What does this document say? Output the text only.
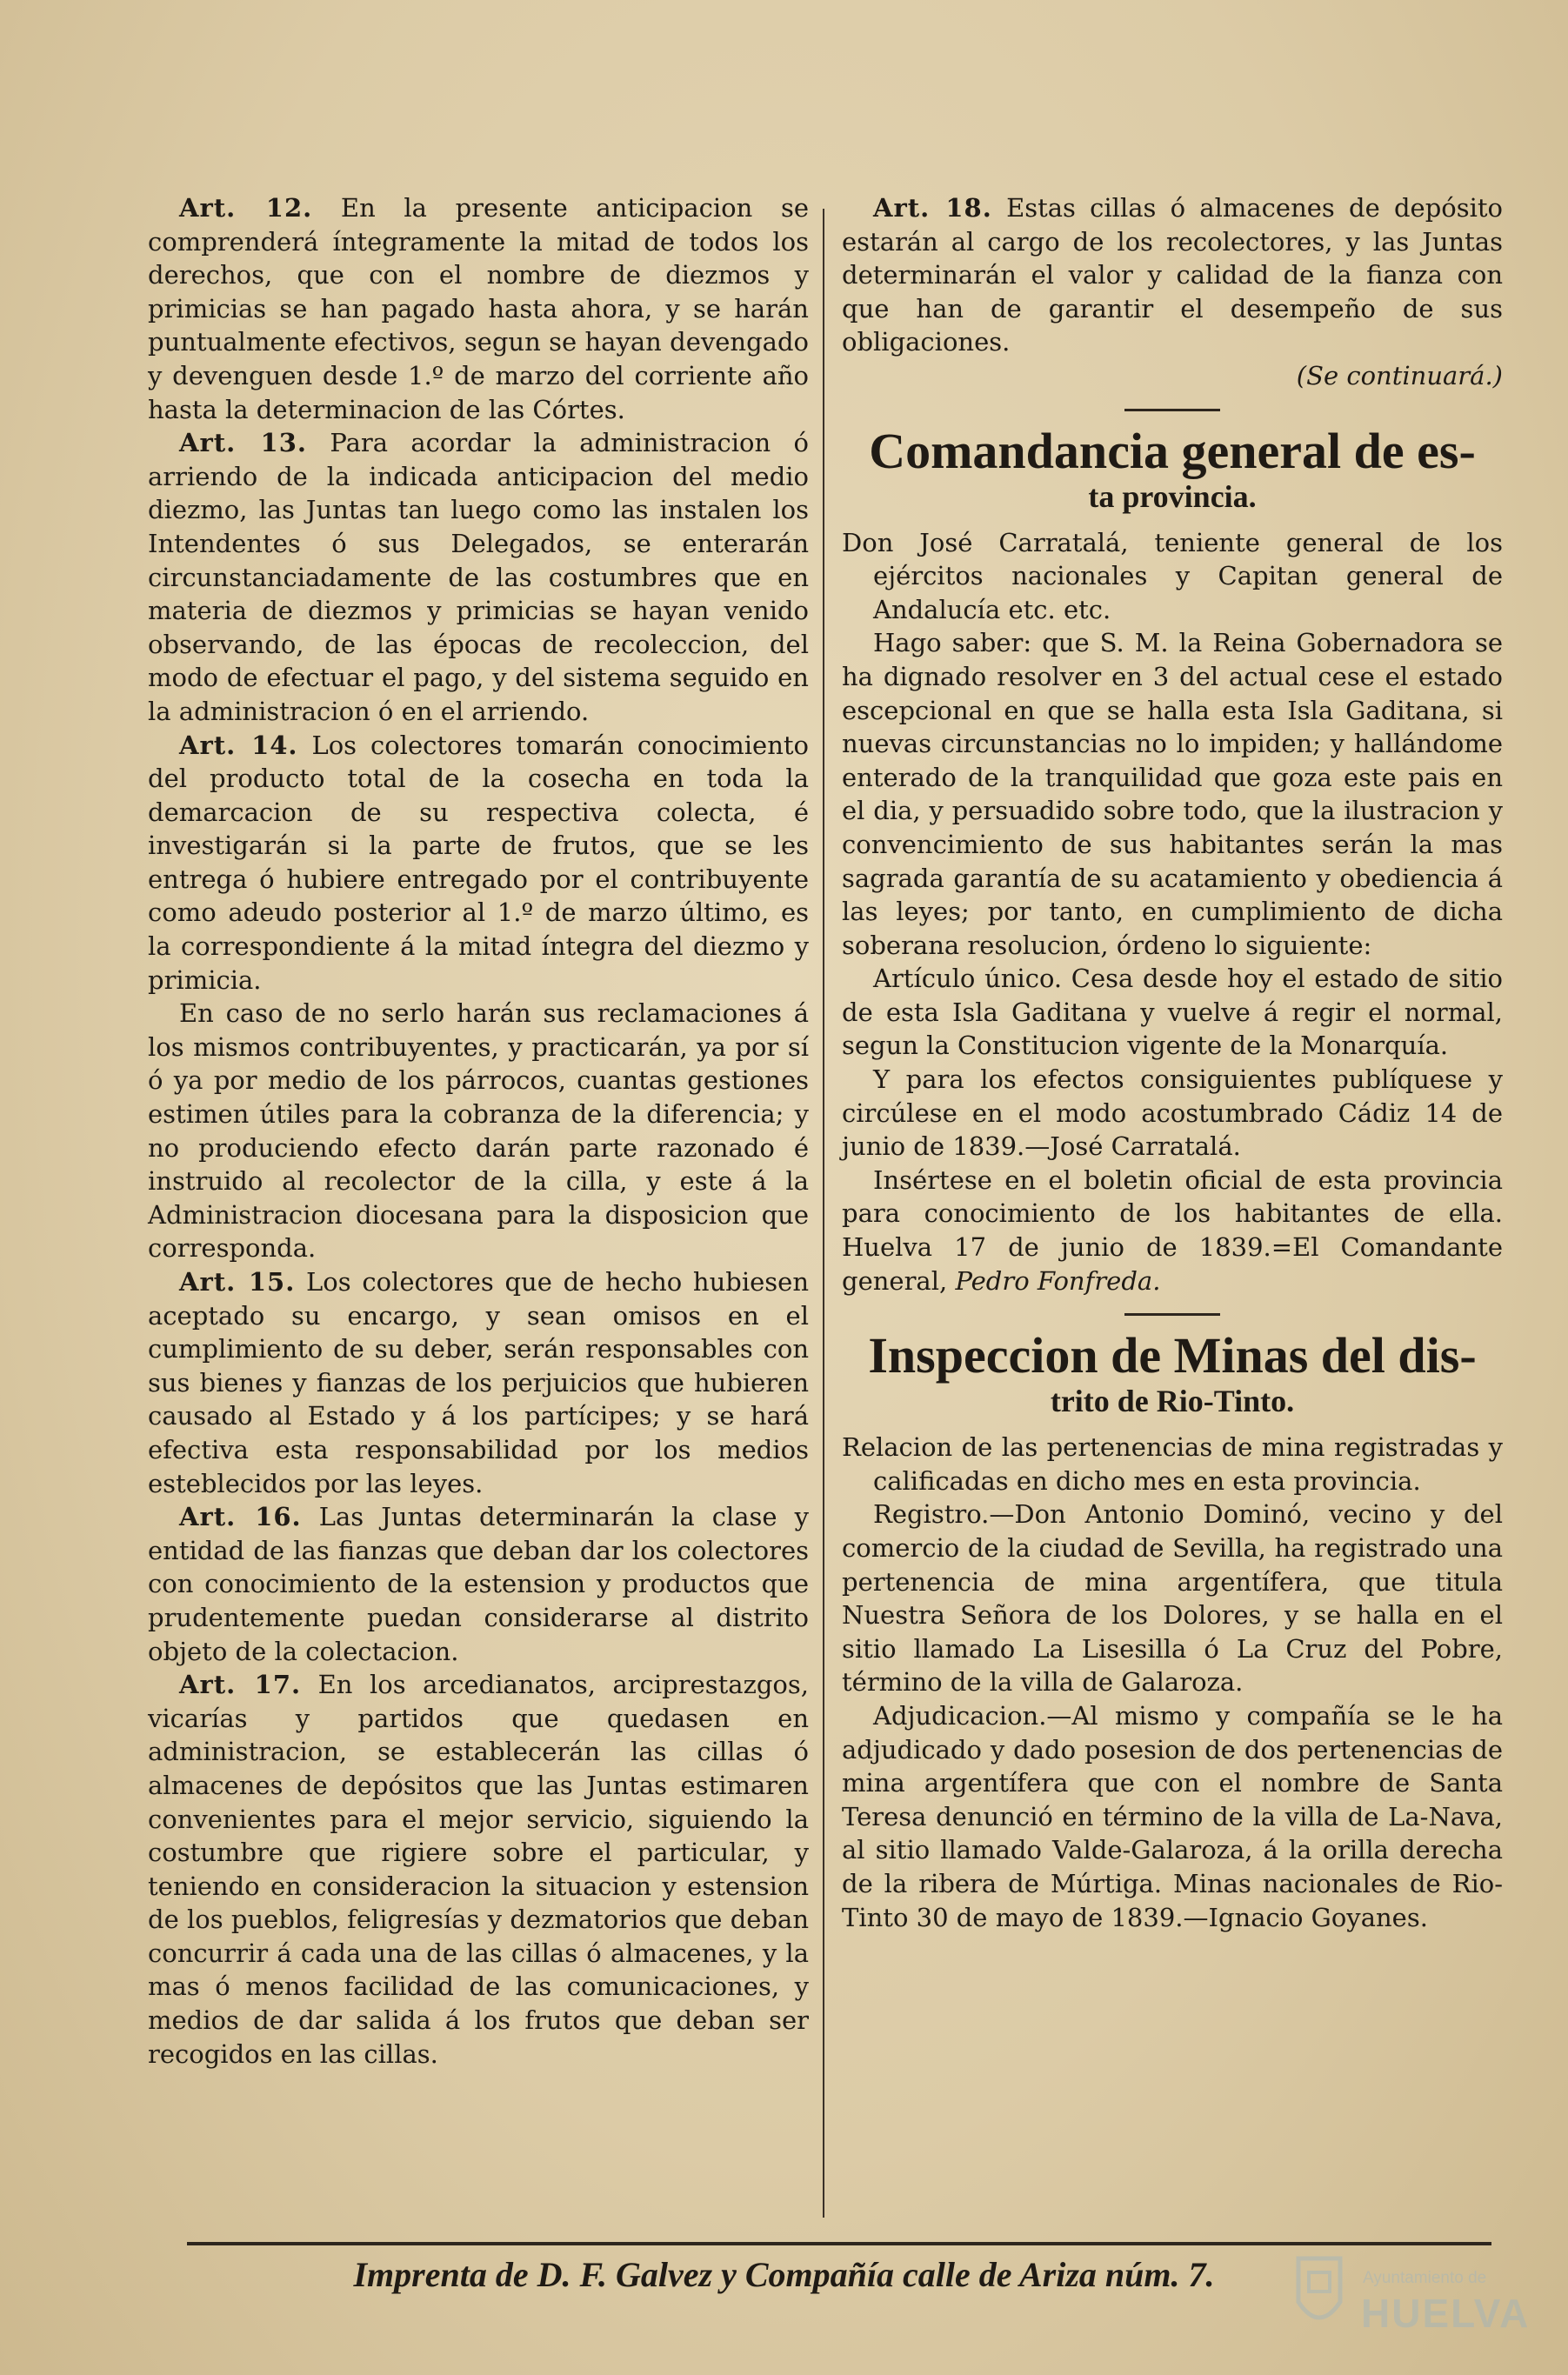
Art. 12. En la presente anticipacion se comprenderá íntegramente la mitad de todos los derechos, que con el nombre de diezmos y primicias se han pagado hasta ahora, y se harán puntualmente efectivos, segun se hayan devengado y devenguen desde 1.º de marzo del corriente año hasta la determinacion de las Córtes.

Art. 13. Para acordar la administracion ó arriendo de la indicada anticipacion del medio diezmo, las Juntas tan luego como las instalen los Intendentes ó sus Delegados, se enterarán circunstanciadamente de las costumbres que en materia de diezmos y primicias se hayan venido observando, de las épocas de recoleccion, del modo de efectuar el pago, y del sistema seguido en la administracion ó en el arriendo.

Art. 14. Los colectores tomarán conocimiento del producto total de la cosecha en toda la demarcacion de su respectiva colecta, é investigarán si la parte de frutos, que se les entrega ó hubiere entregado por el contribuyente como adeudo posterior al 1.º de marzo último, es la correspondiente á la mitad íntegra del diezmo y primicia.

En caso de no serlo harán sus reclamaciones á los mismos contribuyentes, y practicarán, ya por sí ó ya por medio de los párrocos, cuantas gestiones estimen útiles para la cobranza de la diferencia; y no produciendo efecto darán parte razonado é instruido al recolector de la cilla, y este á la Administracion diocesana para la disposicion que corresponda.

Art. 15. Los colectores que de hecho hubiesen aceptado su encargo, y sean omisos en el cumplimiento de su deber, serán responsables con sus bienes y fianzas de los perjuicios que hubieren causado al Estado y á los partícipes; y se hará efectiva esta responsabilidad por los medios esteblecidos por las leyes.

Art. 16. Las Juntas determinarán la clase y entidad de las fianzas que deban dar los colectores con conocimiento de la estension y productos que prudentemente puedan considerarse al distrito objeto de la colectacion.

Art. 17. En los arcedianatos, arciprestazgos, vicarías y partidos que quedasen en administracion, se establecerán las cillas ó almacenes de depósitos que las Juntas estimaren convenientes para el mejor servicio, siguiendo la costumbre que rigiere sobre el particular, y teniendo en consideracion la situacion y estension de los pueblos, feligresías y dezmatorios que deban concurrir á cada una de las cillas ó almacenes, y la mas ó menos facilidad de las comunicaciones, y medios de dar salida á los frutos que deban ser recogidos en las cillas.

Art. 18. Estas cillas ó almacenes de depósito estarán al cargo de los recolectores, y las Juntas determinarán el valor y calidad de la fianza con que han de garantir el desempeño de sus obligaciones.

(Se continuará.)

Comandancia general de es-
ta provincia.

Don José Carratalá, teniente general de los ejércitos nacionales y Capitan general de Andalucía etc. etc.

Hago saber: que S. M. la Reina Gobernadora se ha dignado resolver en 3 del actual cese el estado escepcional en que se halla esta Isla Gaditana, si nuevas circunstancias no lo impiden; y hallándome enterado de la tranquilidad que goza este pais en el dia, y persuadido sobre todo, que la ilustracion y convencimiento de sus habitantes serán la mas sagrada garantía de su acatamiento y obediencia á las leyes; por tanto, en cumplimiento de dicha soberana resolucion, órdeno lo siguiente:

Artículo único. Cesa desde hoy el estado de sitio de esta Isla Gaditana y vuelve á regir el normal, segun la Constitucion vigente de la Monarquía.

Y para los efectos consiguientes publíquese y circúlese en el modo acostumbrado Cádiz 14 de junio de 1839.—José Carratalá.

Insértese en el boletin oficial de esta provincia para conocimiento de los habitantes de ella. Huelva 17 de junio de 1839.=El Comandante general, Pedro Fonfreda.

Inspeccion de Minas del dis-
trito de Rio-Tinto.

Relacion de las pertenencias de mina registradas y calificadas en dicho mes en esta provincia.

Registro.—Don Antonio Dominó, vecino y del comercio de la ciudad de Sevilla, ha registrado una pertenencia de mina argentífera, que titula Nuestra Señora de los Dolores, y se halla en el sitio llamado La Lisesilla ó La Cruz del Pobre, término de la villa de Galaroza.

Adjudicacion.—Al mismo y compañía se le ha adjudicado y dado posesion de dos pertenencias de mina argentífera que con el nombre de Santa Teresa denunció en término de la villa de La-Nava, al sitio llamado Valde-Galaroza, á la orilla derecha de la ribera de Múrtiga. Minas nacionales de Rio-Tinto 30 de mayo de 1839.—Ignacio Goyanes.

Imprenta de D. F. Galvez y Compañía calle de Ariza núm. 7.	Ayuntamiento de
HUELVA
